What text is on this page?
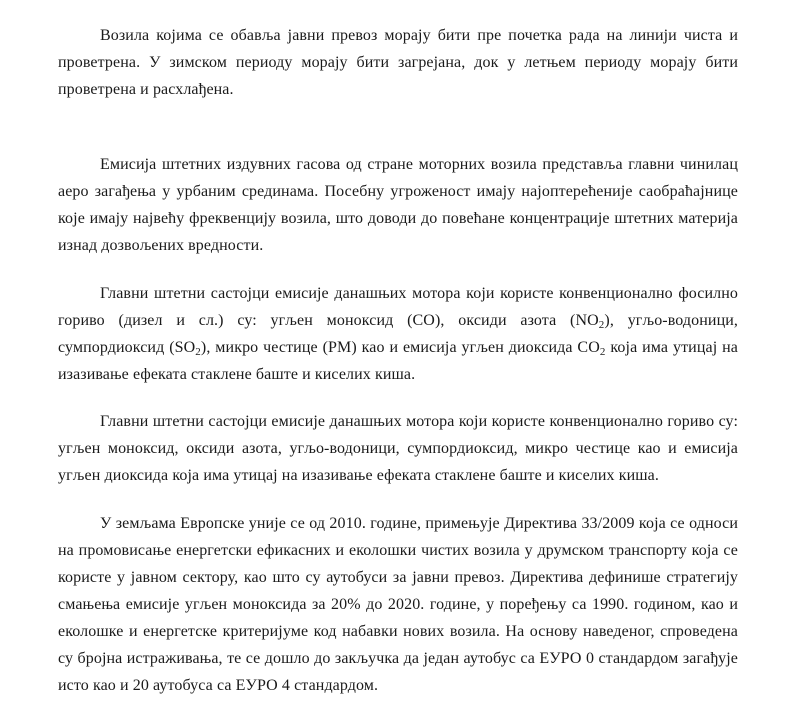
Возила којима се обавља јавни превоз морају бити пре почетка рада на линији чиста и проветрена. У зимском периоду морају бити загрејана, док у летњем периоду морају бити проветрена и расхлађена.

Емисија штетних издувних гасова од стране моторних возила представља главни чинилац аеро загађења у урбаним срединама. Посебну угроженост имају најоптерећеније саобраћајнице које имају највећу фреквенцију возила, што доводи до повећане концентрације штетних материја изнад дозвољених вредности.

Главни штетни састојци емисије данашњих мотора који користе конвенционално фосилно гориво (дизел и сл.) су: угљен моноксид (CO), оксиди азота $(NO_2)$, угљо-водоници, сумпордиоксид $(SO_2)$, микро честице (PM) као и емисија угљен диоксида $CO_2$ која има утицај на изазивање ефеката стаклене баште и киселих киша.

Главни штетни састојци емисије данашњих мотора који користе конвенционално гориво су: угљен моноксид, оксиди азота, угљо-водоници, сумпордиоксид, микро честице као и емисија угљен диоксида која има утицај на изазивање ефеката стаклене баште и киселих киша.

У земљама Европске уније се од 2010. године, примењује Директива 33/2009 која се односи на промовисање енергетски ефикасних и еколошки чистих возила у друмском транспорту која се користе у јавном сектору, као што су аутобуси за јавни превоз. Директива дефинише стратегију смањења емисије угљен моноксида за 20% до 2020. године, у поређењу са 1990. годином, као и еколошке и енергетске критеријуме код набавки нових возила. На основу наведеног, спроведена су бројна истраживања, те се дошло до закључка да један аутобус са ЕУРО 0 стандардом загађује исто као и 20 аутобуса са ЕУРО 4 стандардом.
